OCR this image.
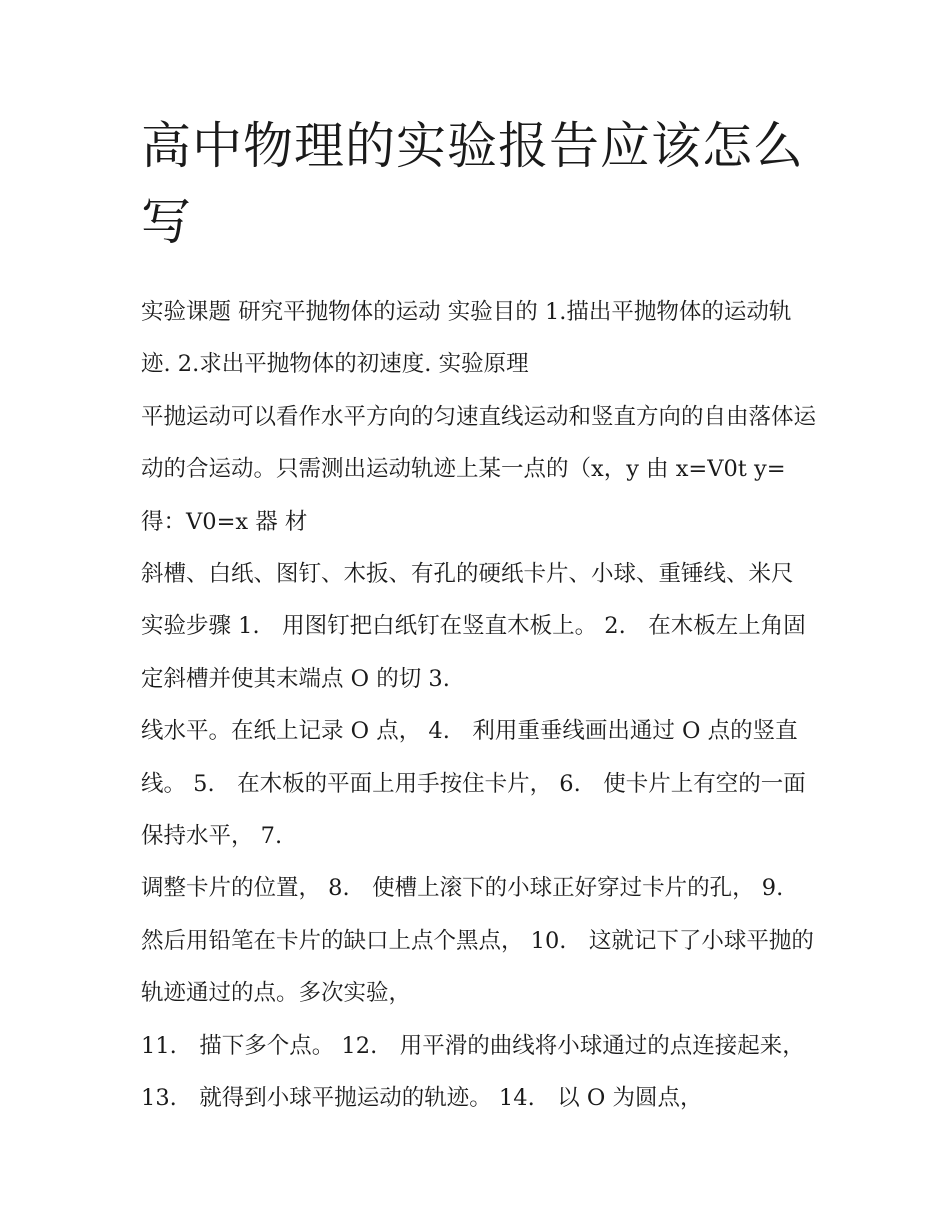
高中物理的实验报告应该怎么写

实验课题 研究平抛物体的运动 实验目的 1.描出平抛物体的运动轨迹. 2.求出平抛物体的初速度. 实验原理

平抛运动可以看作水平方向的匀速直线运动和竖直方向的自由落体运动的合运动。只需测出运动轨迹上某一点的（x，y 由 x=V0t y= 得：V0=x 器 材

斜槽、白纸、图钉、木扳、有孔的硬纸卡片、小球、重锤线、米尺 实验步骤 1.　用图钉把白纸钉在竖直木板上。 2.　在木板左上角固定斜槽并使其末端点 O 的切 3.

线水平。在纸上记录 O 点， 4.　利用重垂线画出通过 O 点的竖直线。 5.　在木板的平面上用手按住卡片， 6.　使卡片上有空的一面保持水平， 7.

调整卡片的位置， 8.　使槽上滚下的小球正好穿过卡片的孔， 9.　然后用铅笔在卡片的缺口上点个黑点， 10.　这就记下了小球平抛的轨迹通过的点。多次实验，

11.　描下多个点。 12.　用平滑的曲线将小球通过的点连接起来， 13.　就得到小球平抛运动的轨迹。 14.　以 O 为圆点，
